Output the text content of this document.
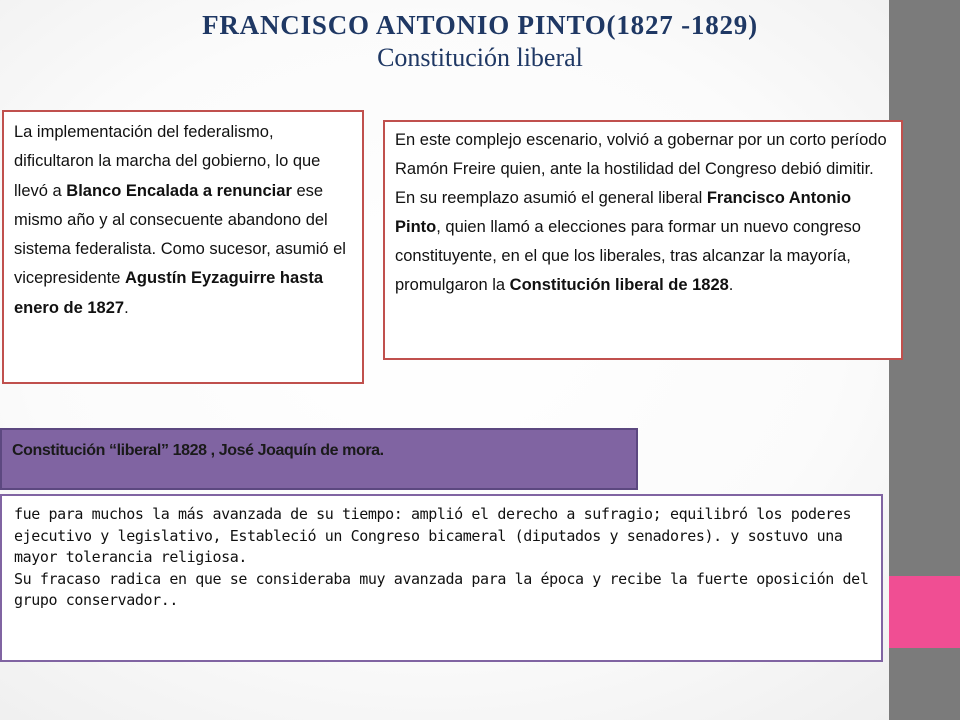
FRANCISCO ANTONIO PINTO(1827 -1829)
Constitución liberal
La implementación del federalismo, dificultaron la marcha del gobierno, lo que llevó a Blanco Encalada a renunciar ese mismo año y al consecuente abandono del sistema federalista. Como sucesor, asumió el vicepresidente Agustín Eyzaguirre hasta enero de 1827.
En este complejo escenario, volvió a gobernar por un corto período Ramón Freire quien, ante la hostilidad del Congreso debió dimitir. En su reemplazo asumió el general liberal Francisco Antonio Pinto, quien llamó a elecciones para formar un nuevo congreso constituyente, en el que los liberales, tras alcanzar la mayoría, promulgaron la Constitución liberal de 1828.
Constitución “liberal” 1828 , José Joaquín de mora.

fue para muchos la más avanzada de su tiempo: amplió el derecho a sufragio; equilibró los poderes ejecutivo y legislativo, Estableció un Congreso bicameral (diputados y senadores). y sostuvo una mayor tolerancia religiosa.

Su fracaso radica en que se consideraba muy avanzada para la época y recibe la fuerte oposición del grupo conservador..
